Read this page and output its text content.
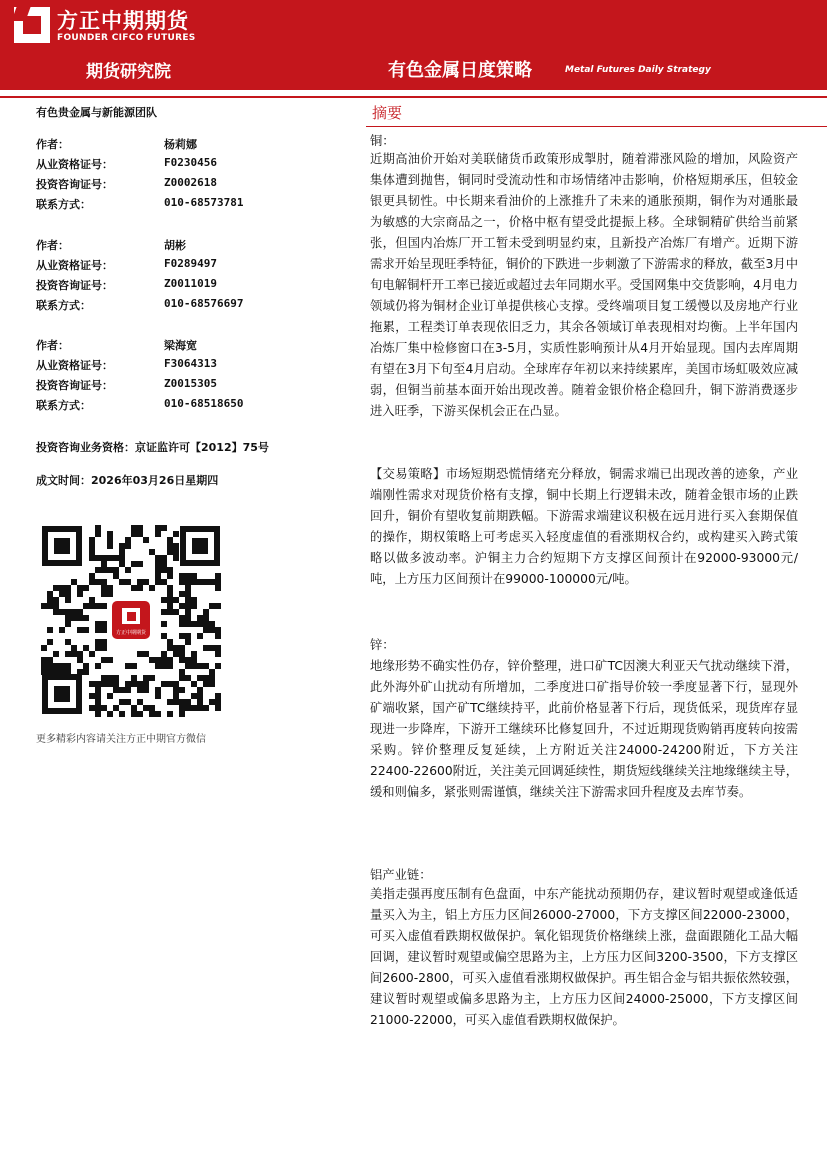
方正中期期货
FOUNDER CIFCO FUTURES
期货研究院	有色金属日度策略	Metal Futures Daily Strategy
有色贵金属与新能源团队
作者：	杨莉娜
从业资格证号：	F0230456
投资咨询证号：	Z0002618
联系方式：	010-68573781
作者：	胡彬
从业资格证号：	F0289497
投资咨询证号：	Z0011019
联系方式：	010-68576697
作者：	梁海宽
从业资格证号：	F3064313
投资咨询证号：	Z0015305
联系方式：	010-68518650
投资咨询业务资格：京证监许可【2012】75号
成文时间：2026年03月26日星期四
方正中期期货
更多精彩内容请关注方正中期官方微信
摘要
铜：
近期高油价开始对美联储货币政策形成掣肘，随着滞涨风险的增加，风险资产集体遭到抛售，铜同时受流动性和市场情绪冲击影响，价格短期承压，但较金银更具韧性。中长期来看油价的上涨推升了未来的通胀预期，铜作为对通胀最为敏感的大宗商品之一，价格中枢有望受此提振上移。全球铜精矿供给当前紧张，但国内冶炼厂开工暂未受到明显约束，且新投产冶炼厂有增产。近期下游需求开始呈现旺季特征，铜价的下跌进一步刺激了下游需求的释放，截至3月中旬电解铜杆开工率已接近或超过去年同期水平。受国网集中交货影响，4月电力领域仍将为铜材企业订单提供核心支撑。受终端项目复工缓慢以及房地产行业拖累，工程类订单表现依旧乏力，其余各领域订单表现相对均衡。上半年国内冶炼厂集中检修窗口在3-5月，实质性影响预计从4月开始显现。国内去库周期有望在3月下旬至4月启动。全球库存年初以来持续累库，美国市场虹吸效应减弱，但铜当前基本面开始出现改善。随着金银价格企稳回升，铜下游消费逐步进入旺季，下游买保机会正在凸显。
【交易策略】市场短期恐慌情绪充分释放，铜需求端已出现改善的迹象，产业端刚性需求对现货价格有支撑，铜中长期上行逻辑未改，随着金银市场的止跌回升，铜价有望收复前期跌幅。下游需求端建议积极在远月进行买入套期保值的操作，期权策略上可考虑买入轻度虚值的看涨期权合约，或构建买入跨式策略以做多波动率。沪铜主力合约短期下方支撑区间预计在92000-93000元/吨，上方压力区间预计在99000-100000元/吨。
锌：
地缘形势不确实性仍存，锌价整理，进口矿TC因澳大利亚天气扰动继续下滑，此外海外矿山扰动有所增加，二季度进口矿指导价较一季度显著下行，显现外矿端收紧，国产矿TC继续持平，此前价格显著下行后，现货低采，现货库存显现进一步降库，下游开工继续环比修复回升，不过近期现货购销再度转向按需采购。锌价整理反复延续，上方附近关注24000-24200附近，下方关注22400-22600附近，关注美元回调延续性，期货短线继续关注地缘继续主导，缓和则偏多，紧张则需谨慎，继续关注下游需求回升程度及去库节奏。
铝产业链：
美指走强再度压制有色盘面，中东产能扰动预期仍存，建议暂时观望或逢低适量买入为主，铝上方压力区间26000-27000，下方支撑区间22000-23000，可买入虚值看跌期权做保护。氧化铝现货价格继续上涨，盘面跟随化工品大幅回调，建议暂时观望或偏空思路为主，上方压力区间3200-3500，下方支撑区间2600-2800，可买入虚值看涨期权做保护。再生铝合金与铝共振依然较强，建议暂时观望或偏多思路为主，上方压力区间24000-25000，下方支撑区间21000-22000，可买入虚值看跌期权做保护。
